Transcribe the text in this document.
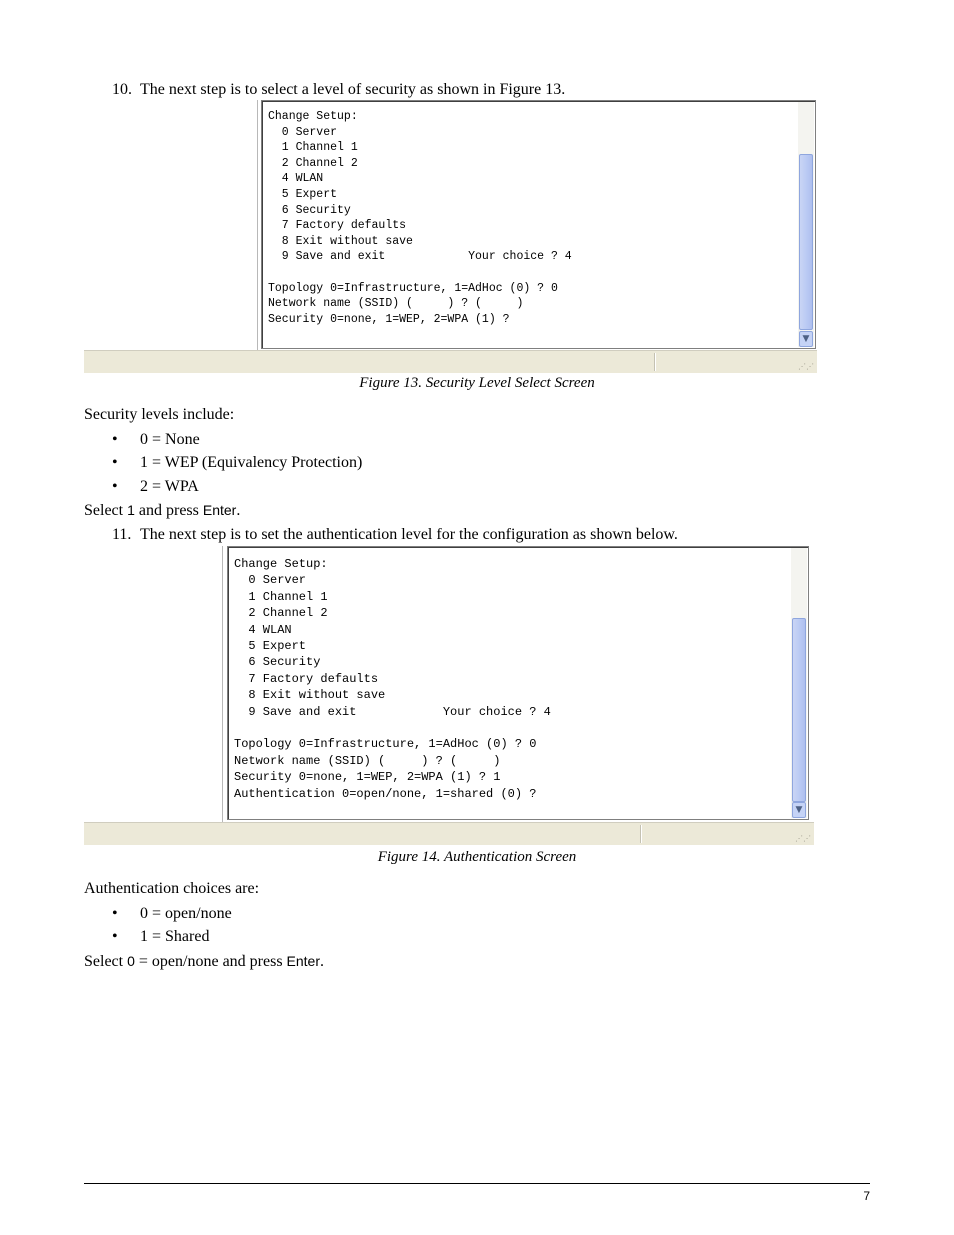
10. The next step is to select a level of security as shown in Figure 13.
Change Setup:
0 Server
1 Channel 1
2 Channel 2
4 WLAN
5 Expert
6 Security
7 Factory defaults
8 Exit without save
9 Save and exit            Your choice ? 4

Topology 0=Infrastructure, 1=AdHoc (0) ? 0
Network name (SSID) (     ) ? (     )
Security 0=none, 1=WEP, 2=WPA (1) ?
▼
⋰⋰
Figure 13. Security Level Select Screen
Security levels include:
• 0 = None
• 1 = WEP (Equivalency Protection)
• 2 = WPA
Select 1 and press Enter.
11. The next step is to set the authentication level for the configuration as shown below.
Change Setup:
0 Server
1 Channel 1
2 Channel 2
4 WLAN
5 Expert
6 Security
7 Factory defaults
8 Exit without save
9 Save and exit            Your choice ? 4

Topology 0=Infrastructure, 1=AdHoc (0) ? 0
Network name (SSID) (     ) ? (     )
Security 0=none, 1=WEP, 2=WPA (1) ? 1
Authentication 0=open/none, 1=shared (0) ?
▼
⋰⋰
Figure 14. Authentication Screen
Authentication choices are:
• 0 = open/none
• 1 = Shared
Select 0 = open/none and press Enter.
7
